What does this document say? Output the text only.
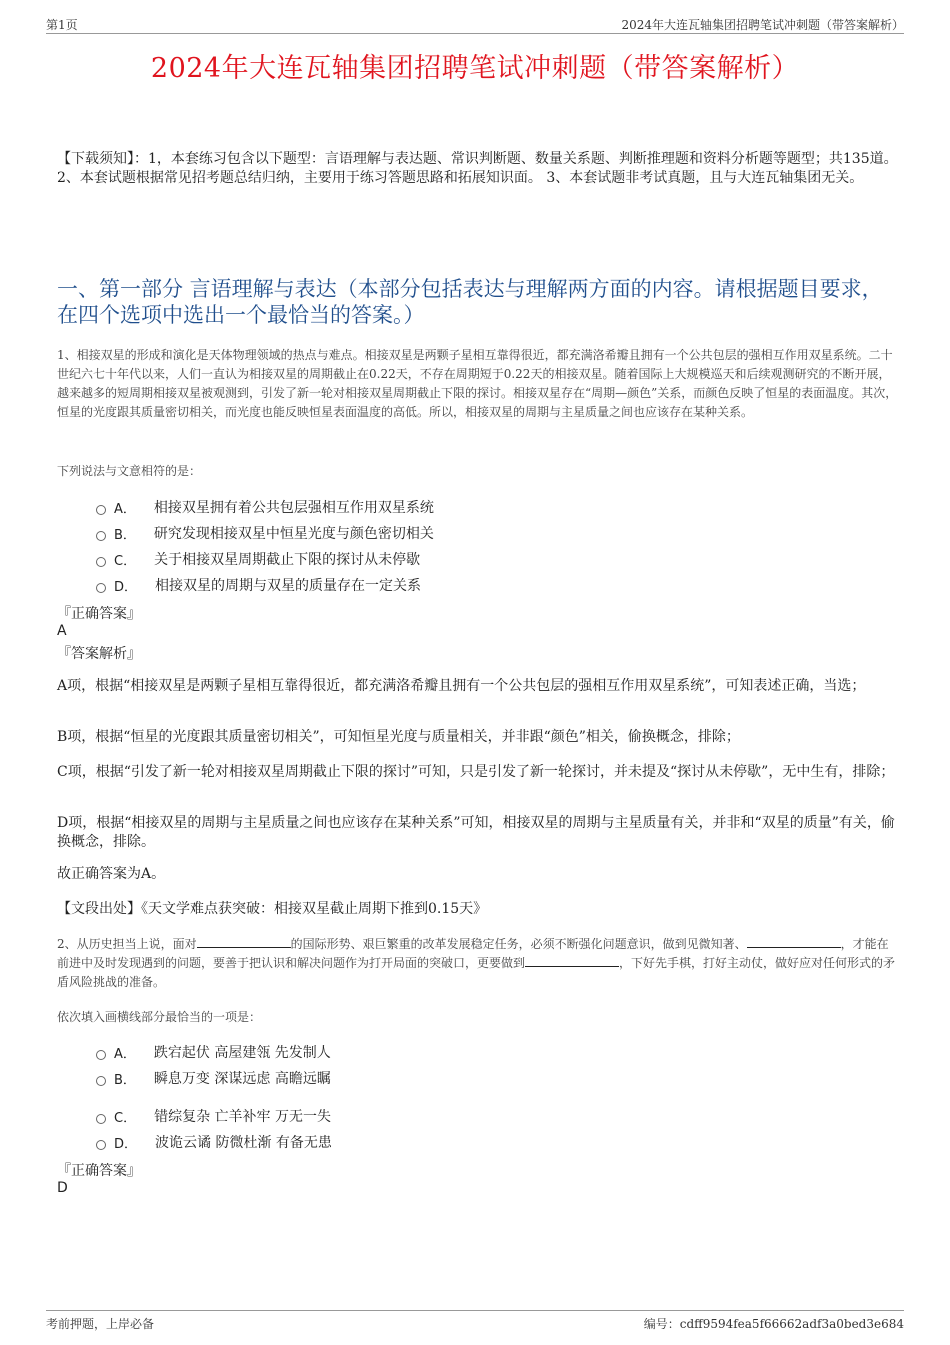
第1页	2024年大连瓦轴集团招聘笔试冲刺题（带答案解析）
2024年大连瓦轴集团招聘笔试冲刺题（带答案解析）
【下载须知】：1，本套练习包含以下题型：言语理解与表达题、常识判断题、数量关系题、判断推理题和资料分析题等题型；共135道。 2、本套试题根据常见招考题总结归纳，主要用于练习答题思路和拓展知识面。 3、本套试题非考试真题，且与大连瓦轴集团无关。
一、第一部分 言语理解与表达（本部分包括表达与理解两方面的内容。请根据题目要求，在四个选项中选出一个最恰当的答案。）
1、相接双星的形成和演化是天体物理领域的热点与难点。相接双星是两颗子星相互靠得很近，都充满洛希瓣且拥有一个公共包层的强相互作用双星系统。二十世纪六七十年代以来，人们一直认为相接双星的周期截止在0.22天，不存在周期短于0.22天的相接双星。随着国际上大规模巡天和后续观测研究的不断开展，越来越多的短周期相接双星被观测到，引发了新一轮对相接双星周期截止下限的探讨。相接双星存在“周期—颜色”关系，而颜色反映了恒星的表面温度。其次，恒星的光度跟其质量密切相关，而光度也能反映恒星表面温度的高低。所以，相接双星的周期与主星质量之间也应该存在某种关系。
下列说法与文意相符的是：
A． 相接双星拥有着公共包层强相互作用双星系统
B． 研究发现相接双星中恒星光度与颜色密切相关
C． 关于相接双星周期截止下限的探讨从未停歇
D． 相接双星的周期与双星的质量存在一定关系
『正确答案』
A
『答案解析』
A项，根据“相接双星是两颗子星相互靠得很近，都充满洛希瓣且拥有一个公共包层的强相互作用双星系统”，可知表述正确，当选；
B项，根据“恒星的光度跟其质量密切相关”，可知恒星光度与质量相关，并非跟“颜色”相关，偷换概念，排除；
C项，根据“引发了新一轮对相接双星周期截止下限的探讨”可知，只是引发了新一轮探讨，并未提及“探讨从未停歇”，无中生有，排除；
D项，根据“相接双星的周期与主星质量之间也应该存在某种关系”可知，相接双星的周期与主星质量有关，并非和“双星的质量”有关，偷换概念，排除。
故正确答案为A。
【文段出处】《天文学难点获突破：相接双星截止周期下推到0.15天》
2、从历史担当上说，面对	的国际形势、艰巨繁重的改革发展稳定任务，必须不断强化问题意识，做到见微知著、	，才能在前进中及时发现遇到的问题，要善于把认识和解决问题作为打开局面的突破口，更要做到	，下好先手棋，打好主动仗，做好应对任何形式的矛盾风险挑战的准备。
依次填入画横线部分最恰当的一项是：
A． 跌宕起伏 高屋建瓴 先发制人
B． 瞬息万变 深谋远虑 高瞻远瞩
C． 错综复杂 亡羊补牢 万无一失
D． 波诡云谲 防微杜渐 有备无患
『正确答案』
D
考前押题，上岸必备	编号：cdff9594fea5f66662adf3a0bed3e684
